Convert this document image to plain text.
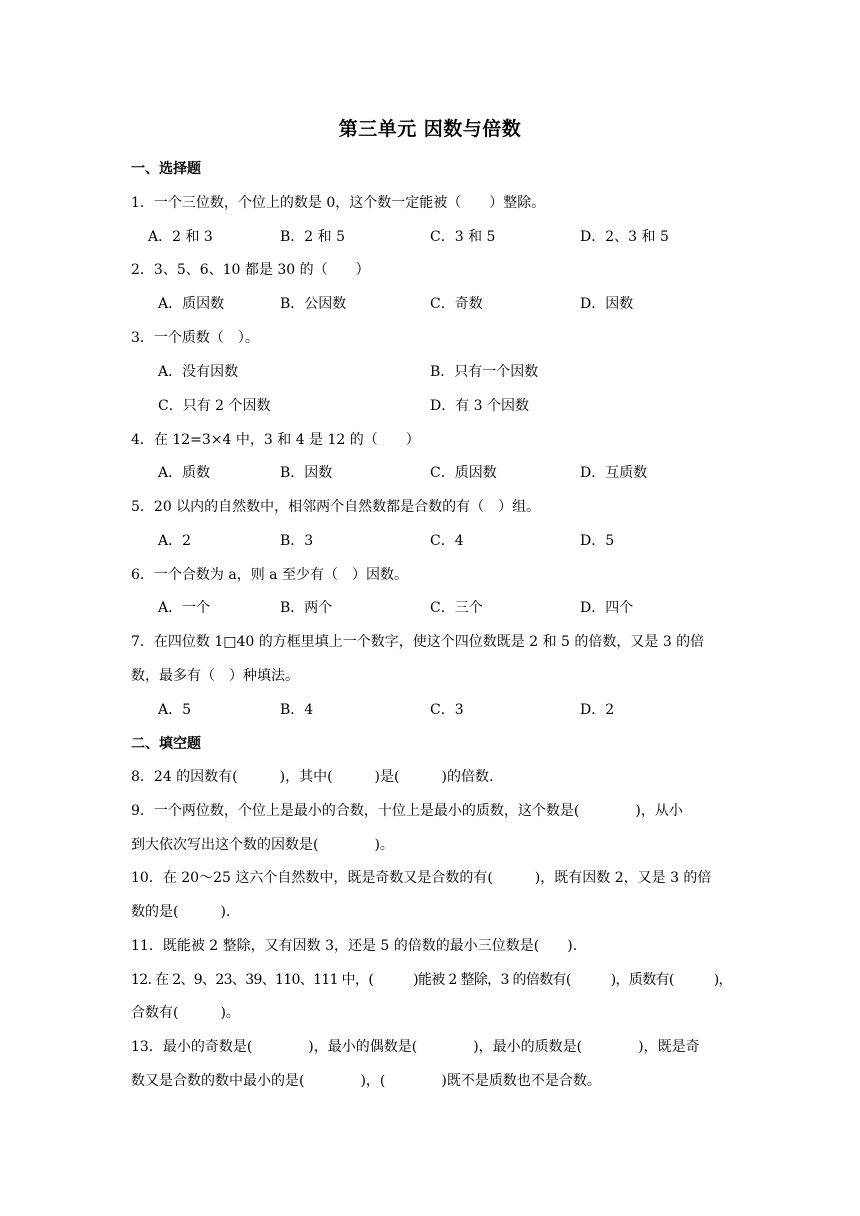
第三单元 因数与倍数
一、选择题
1．一个三位数，个位上的数是 0，这个数一定能被（　　）整除。
A．2 和 3	B．2 和 5	C．3 和 5	D．2、3 和 5
2．3、5、6、10 都是 30 的（　　）
A．质因数	B．公因数	C．奇数	D．因数
3．一个质数（　）。
A．没有因数	B．只有一个因数
C．只有 2 个因数	D．有 3 个因数
4．在 12=3×4 中，3 和 4 是 12 的（　　）
A．质数	B．因数	C．质因数	D．互质数
5．20 以内的自然数中，相邻两个自然数都是合数的有（　）组。
A．2	B．3	C．4	D．5
6．一个合数为 a，则 a 至少有（　）因数。
A．一个	B．两个	C．三个	D．四个
7．在四位数 1□40 的方框里填上一个数字，使这个四位数既是 2 和 5 的倍数，又是 3 的倍
数，最多有（　）种填法。
A．5	B．4	C．3	D．2
二、填空题
8．24 的因数有(　　　)，其中(　　　)是(　　　)的倍数.
9．一个两位数，个位上是最小的合数，十位上是最小的质数，这个数是(　　　　)，从小
到大依次写出这个数的因数是(　　　　)。
10．在 20～25 这六个自然数中，既是奇数又是合数的有(　　　)，既有因数 2，又是 3 的倍
数的是(　　　).
11．既能被 2 整除，又有因数 3，还是 5 的倍数的最小三位数是(　　).
12. 在 2、9、23、39、110、111 中，(　　　)能被 2 整除，3 的倍数有(　　　)，质数有(　　　)，
合数有(　　　)。
13．最小的奇数是(　　　　)，最小的偶数是(　　　　)，最小的质数是(　　　　)，既是奇
数又是合数的数中最小的是(　　　　)，(　　　　)既不是质数也不是合数。
